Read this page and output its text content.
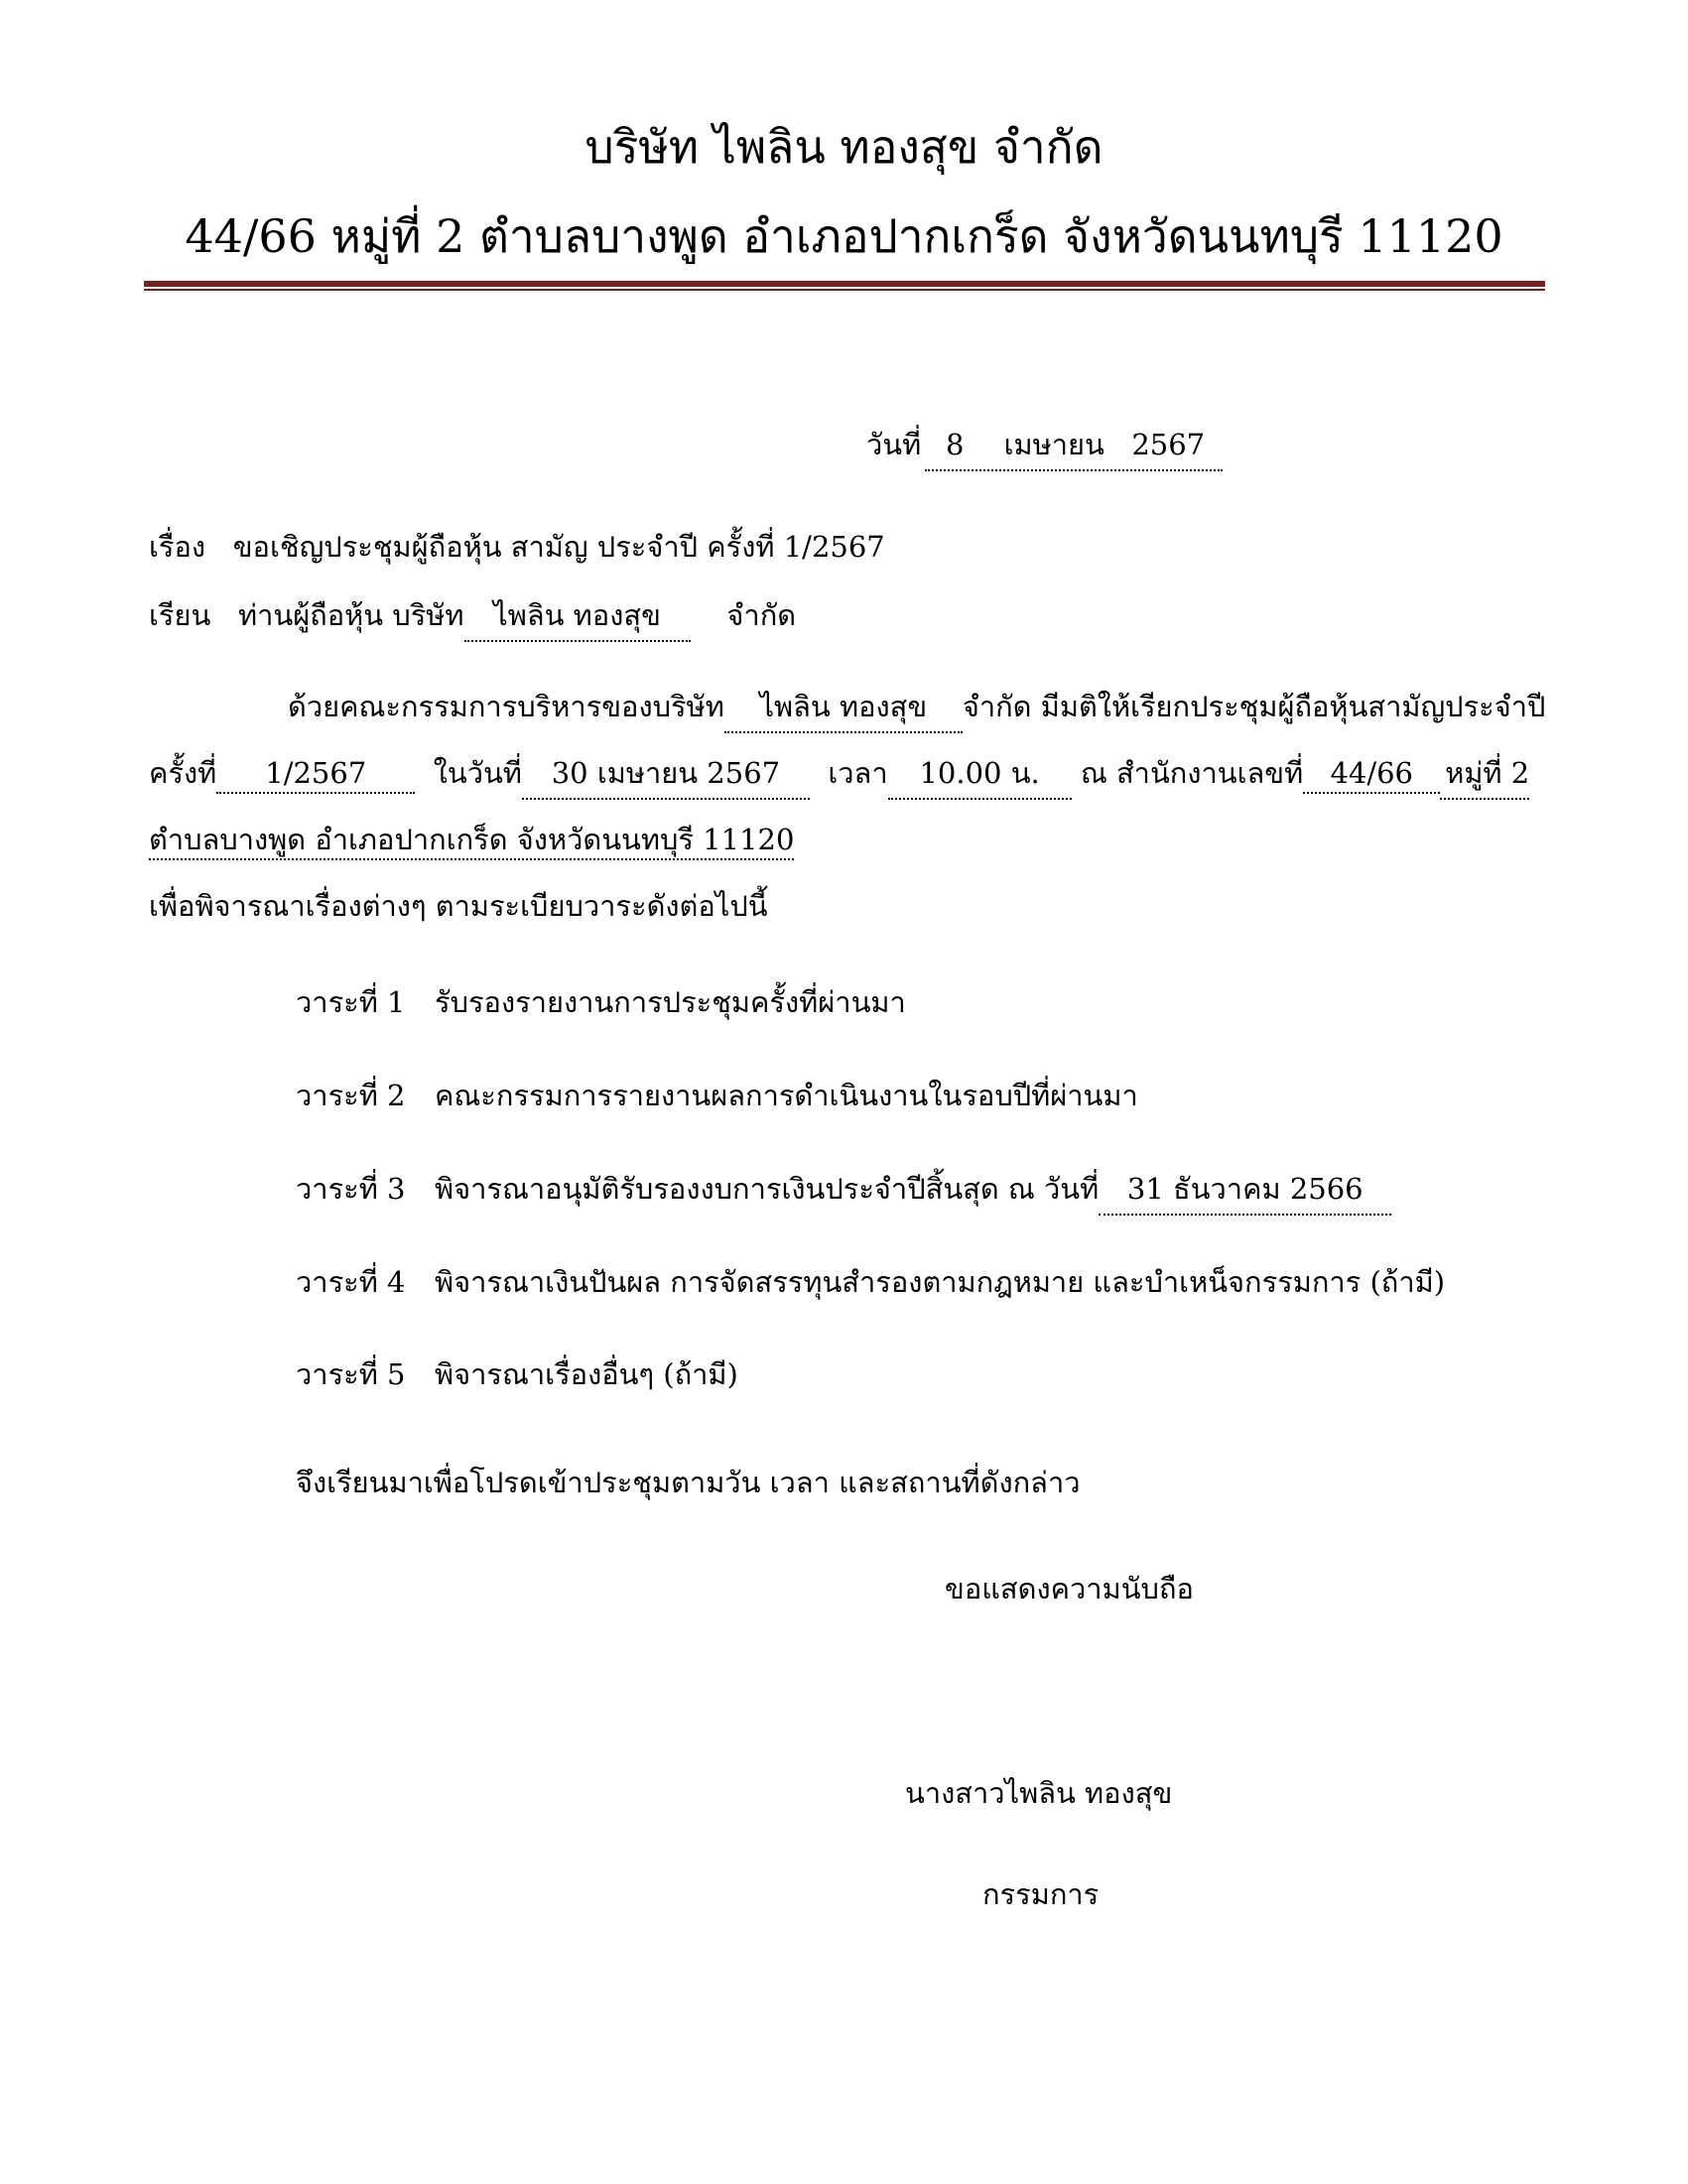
บริษัท ไพลิน ทองสุข จำกัด
44/66 หมู่ที่ 2 ตำบลบางพูด อำเภอปากเกร็ด จังหวัดนนทบุรี 11120
วันที่ 8 เมษายน 2567
เรื่อง ขอเชิญประชุมผู้ถือหุ้น สามัญ ประจำปี ครั้งที่ 1/2567
เรียน ท่านผู้ถือหุ้น บริษัท ไพลิน ทองสุข จำกัด
ด้วยคณะกรรมการบริหารของบริษัท ไพลิน ทองสุข จำกัด มีมติให้เรียกประชุมผู้ถือหุ้นสามัญประจำปี
ครั้งที่ 1/2567 ในวันที่ 30 เมษายน 2567 เวลา 10.00 น. ณ สำนักงานเลขที่ 44/66 หมู่ที่ 2
ตำบลบางพูด อำเภอปากเกร็ด จังหวัดนนทบุรี 11120
เพื่อพิจารณาเรื่องต่างๆ ตามระเบียบวาระดังต่อไปนี้
วาระที่ 1 รับรองรายงานการประชุมครั้งที่ผ่านมา
วาระที่ 2 คณะกรรมการรายงานผลการดำเนินงานในรอบปีที่ผ่านมา
วาระที่ 3 พิจารณาอนุมัติรับรองงบการเงินประจำปีสิ้นสุด ณ วันที่ 31 ธันวาคม 2566
วาระที่ 4 พิจารณาเงินปันผล การจัดสรรทุนสำรองตามกฎหมาย และบำเหน็จกรรมการ (ถ้ามี)
วาระที่ 5 พิจารณาเรื่องอื่นๆ (ถ้ามี)
จึงเรียนมาเพื่อโปรดเข้าประชุมตามวัน เวลา และสถานที่ดังกล่าว
ขอแสดงความนับถือ
นางสาวไพลิน ทองสุข
กรรมการ
